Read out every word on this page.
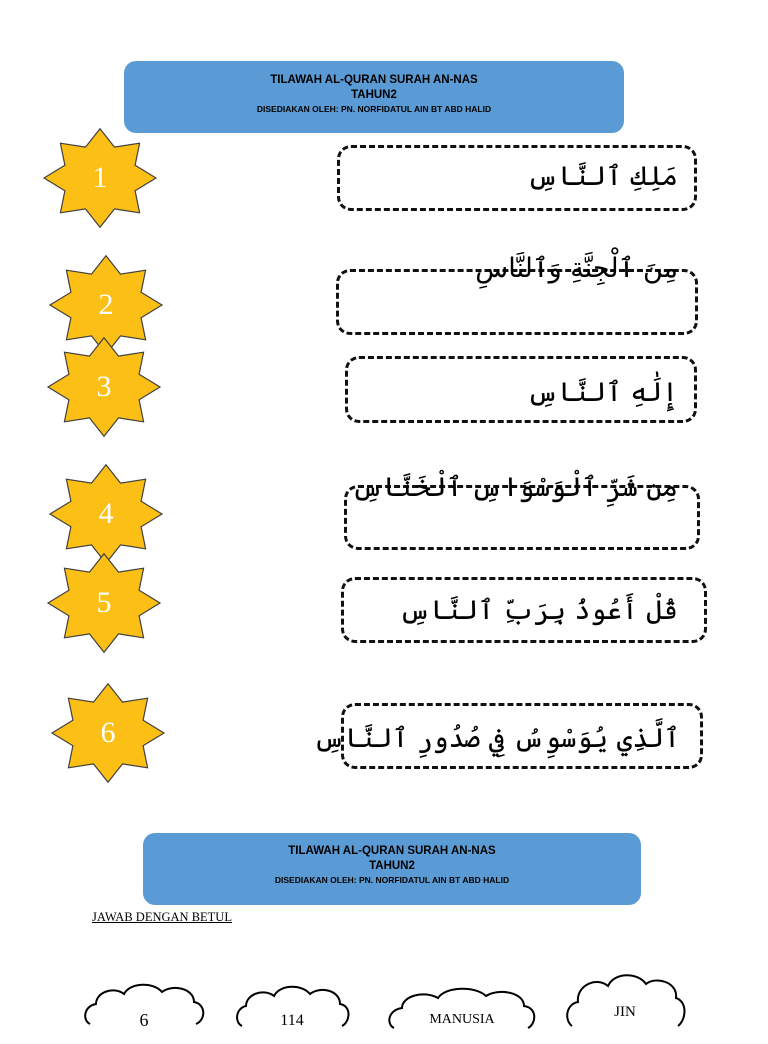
TILAWAH AL-QURAN SURAH AN-NAS
TAHUN2
DISEDIAKAN OLEH: PN. NORFIDATUL AIN BT ABD HALID
1
2
3
4
5
6
مَلِكِ ٱلنَّاسِ
مِنَ ٱلْجِنَّةِ وَٱلنَّاسِ
إِلَٰهِ ٱلنَّاسِ
مِن شَرِّ ٱلْوَسْوَاسِ ٱلْخَنَّاسِ
قُلْ أَعُوذُ بِرَبِّ ٱلنَّاسِ
ٱلَّذِي يُوَسْوِسُ فِي صُدُورِ ٱلنَّاسِ
TILAWAH AL-QURAN SURAH AN-NAS
TAHUN2
DISEDIAKAN OLEH: PN. NORFIDATUL AIN BT ABD HALID
JAWAB DENGAN BETUL
6	114	MANUSIA	JIN
